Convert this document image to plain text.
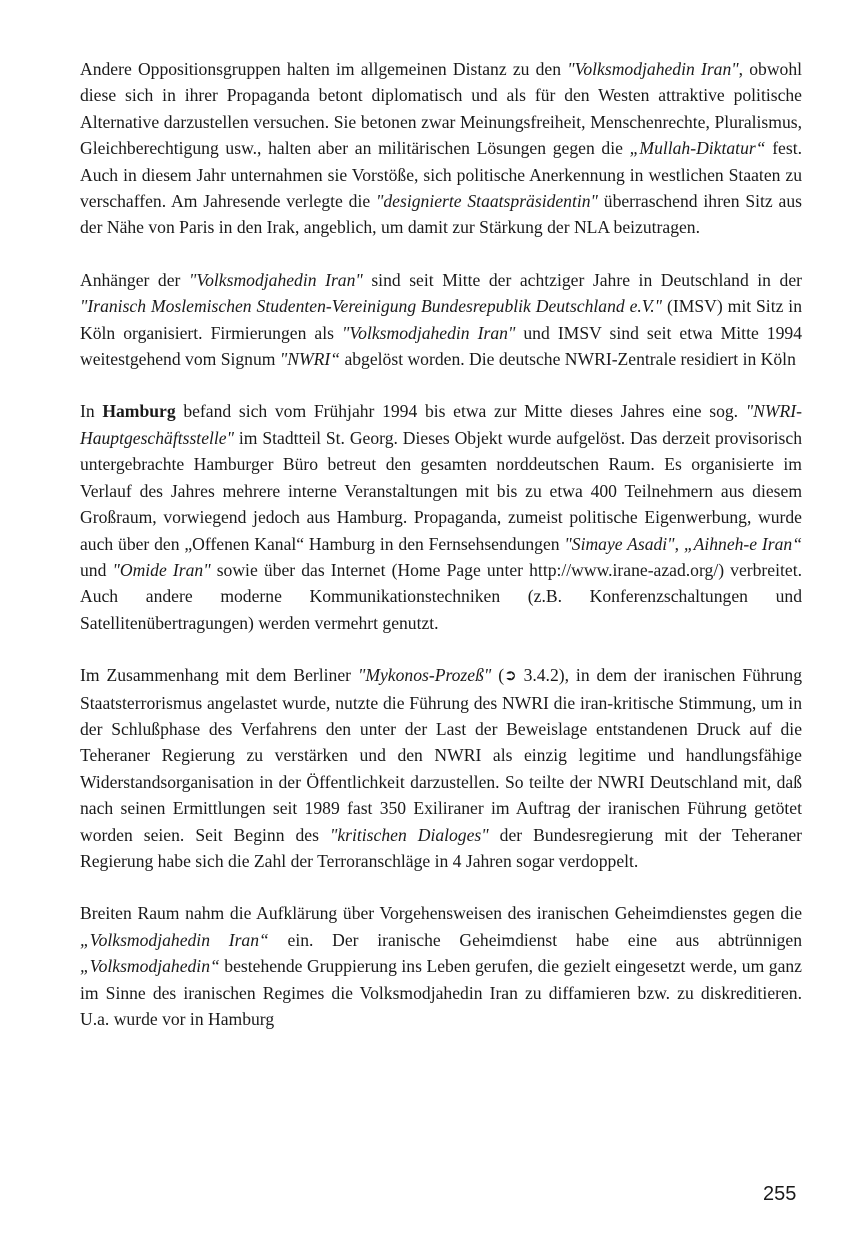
Andere Oppositionsgruppen halten im allgemeinen Distanz zu den "Volksmodjahedin Iran", obwohl diese sich in ihrer Propaganda betont diplomatisch und als für den Westen attraktive politische Alternative darzustellen versuchen. Sie betonen zwar Meinungsfreiheit, Menschenrechte, Pluralismus, Gleichberechtigung usw., halten aber an militärischen Lösungen gegen die „Mullah-Diktatur“ fest. Auch in diesem Jahr unternahmen sie Vorstöße, sich politische Anerkennung in westlichen Staaten zu verschaffen. Am Jahresende verlegte die "designierte Staatspräsidentin" überraschend ihren Sitz aus der Nähe von Paris in den Irak, angeblich, um damit zur Stärkung der NLA beizutragen.

Anhänger der "Volksmodjahedin Iran" sind seit Mitte der achtziger Jahre in Deutschland in der "Iranisch Moslemischen Studenten-Vereinigung Bundesrepublik Deutschland e.V." (IMSV) mit Sitz in Köln organisiert. Firmierungen als "Volksmodjahedin Iran" und IMSV sind seit etwa Mitte 1994 weitestgehend vom Signum "NWRI“ abgelöst worden. Die deutsche NWRI-Zentrale residiert in Köln

In Hamburg befand sich vom Frühjahr 1994 bis etwa zur Mitte dieses Jahres eine sog. "NWRI-Hauptgeschäftsstelle" im Stadtteil St. Georg. Dieses Objekt wurde aufgelöst. Das derzeit provisorisch untergebrachte Hamburger Büro betreut den gesamten norddeutschen Raum. Es organisierte im Verlauf des Jahres mehrere interne Veranstaltungen mit bis zu etwa 400 Teilnehmern aus diesem Großraum, vorwiegend jedoch aus Hamburg. Propaganda, zumeist politische Eigenwerbung, wurde auch über den „Offenen Kanal“ Hamburg in den Fernsehsendungen "Simaye Asadi", „Aihneh-e Iran“ und "Omide Iran" sowie über das Internet (Home Page unter http://www.irane-azad.org/) verbreitet. Auch andere moderne Kommunikationstechniken (z.B. Konferenzschaltungen und Satellitenübertragungen) werden vermehrt genutzt.

Im Zusammenhang mit dem Berliner "Mykonos-Prozeß" (➲ 3.4.2), in dem der iranischen Führung Staatsterrorismus angelastet wurde, nutzte die Führung des NWRI die iran-kritische Stimmung, um in der Schlußphase des Verfahrens den unter der Last der Beweislage entstandenen Druck auf die Teheraner Regierung zu verstärken und den NWRI als einzig legitime und handlungsfähige Widerstandsorganisation in der Öffentlichkeit darzustellen. So teilte der NWRI Deutschland mit, daß nach seinen Ermittlungen seit 1989 fast 350 Exiliraner im Auftrag der iranischen Führung getötet worden seien. Seit Beginn des "kritischen Dialoges" der Bundesregierung mit der Teheraner Regierung habe sich die Zahl der Terroranschläge in 4 Jahren sogar verdoppelt.

Breiten Raum nahm die Aufklärung über Vorgehensweisen des iranischen Geheimdienstes gegen die „Volksmodjahedin Iran“ ein. Der iranische Geheimdienst habe eine aus abtrünnigen „Volksmodjahedin“ bestehende Gruppierung ins Leben gerufen, die gezielt eingesetzt werde, um ganz im Sinne des iranischen Regimes die Volksmodjahedin Iran zu diffamieren bzw. zu diskreditieren. U.a. wurde vor in Hamburg

255
